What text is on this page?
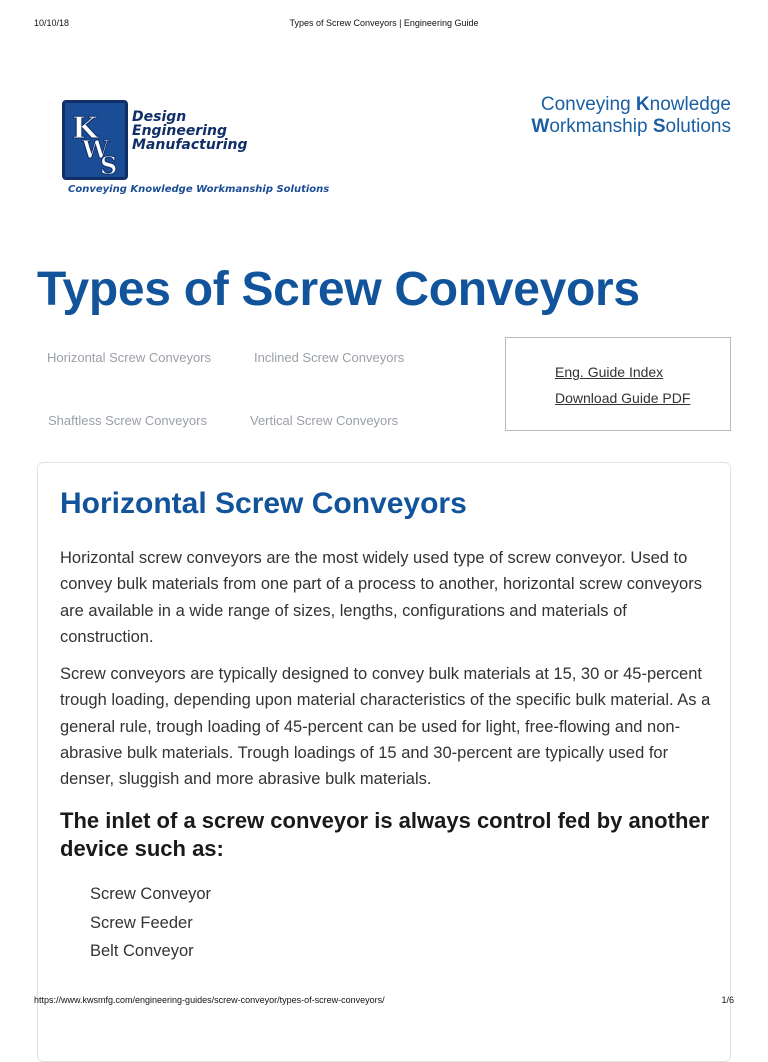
10/10/18	Types of Screw Conveyors | Engineering Guide
K
W
S
Design
Engineering
Manufacturing
Conveying Knowledge Workmanship Solutions
Conveying Knowledge
Workmanship Solutions
Types of Screw Conveyors
Horizontal Screw Conveyors	Inclined Screw Conveyors
Shaftless Screw Conveyors	Vertical Screw Conveyors
Eng. Guide Index
Download Guide PDF
Horizontal Screw Conveyors

Horizontal screw conveyors are the most widely used type of screw conveyor. Used to convey bulk materials from one part of a process to another, horizontal screw conveyors are available in a wide range of sizes, lengths, configurations and materials of construction.

Screw conveyors are typically designed to convey bulk materials at 15, 30 or 45-percent trough loading, depending upon material characteristics of the specific bulk material. As a general rule, trough loading of 45-percent can be used for light, free-flowing and non-abrasive bulk materials. Trough loadings of 15 and 30-percent are typically used for denser, sluggish and more abrasive bulk materials.

The inlet of a screw conveyor is always control fed by another device such as:
Screw Conveyor
Screw Feeder
Belt Conveyor
https://www.kwsmfg.com/engineering-guides/screw-conveyor/types-of-screw-conveyors/	1/6
